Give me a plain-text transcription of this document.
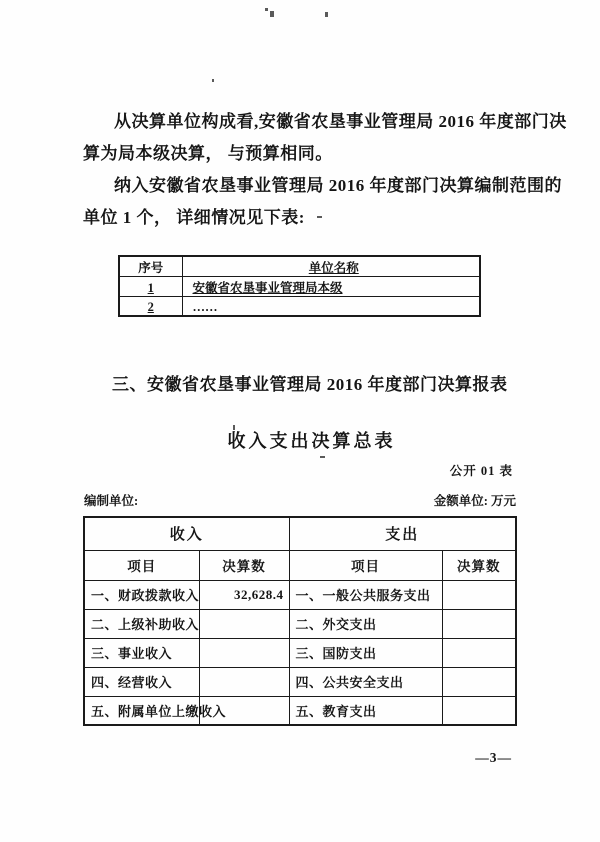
从决算单位构成看,安徽省农垦事业管理局 2016 年度部门决
算为局本级决算， 与预算相同。
纳入安徽省农垦事业管理局 2016 年度部门决算编制范围的
单位 1 个， 详细情况见下表:
序号	单位名称
1	安徽省农垦事业管理局本级
2	……
三、安徽省农垦事业管理局 2016 年度部门决算报表
收入支出决算总表
公开 01 表
编制单位:	金额单位: 万元
收入		支出	
项目	决算数	项目	决算数
一、财政拨款收入	32,628.4	一、一般公共服务支出	
二、上级补助收入		二、外交支出	
三、事业收入		三、国防支出	
四、经营收入		四、公共安全支出	
五、附属单位上缴收入		五、教育支出	
—3—
